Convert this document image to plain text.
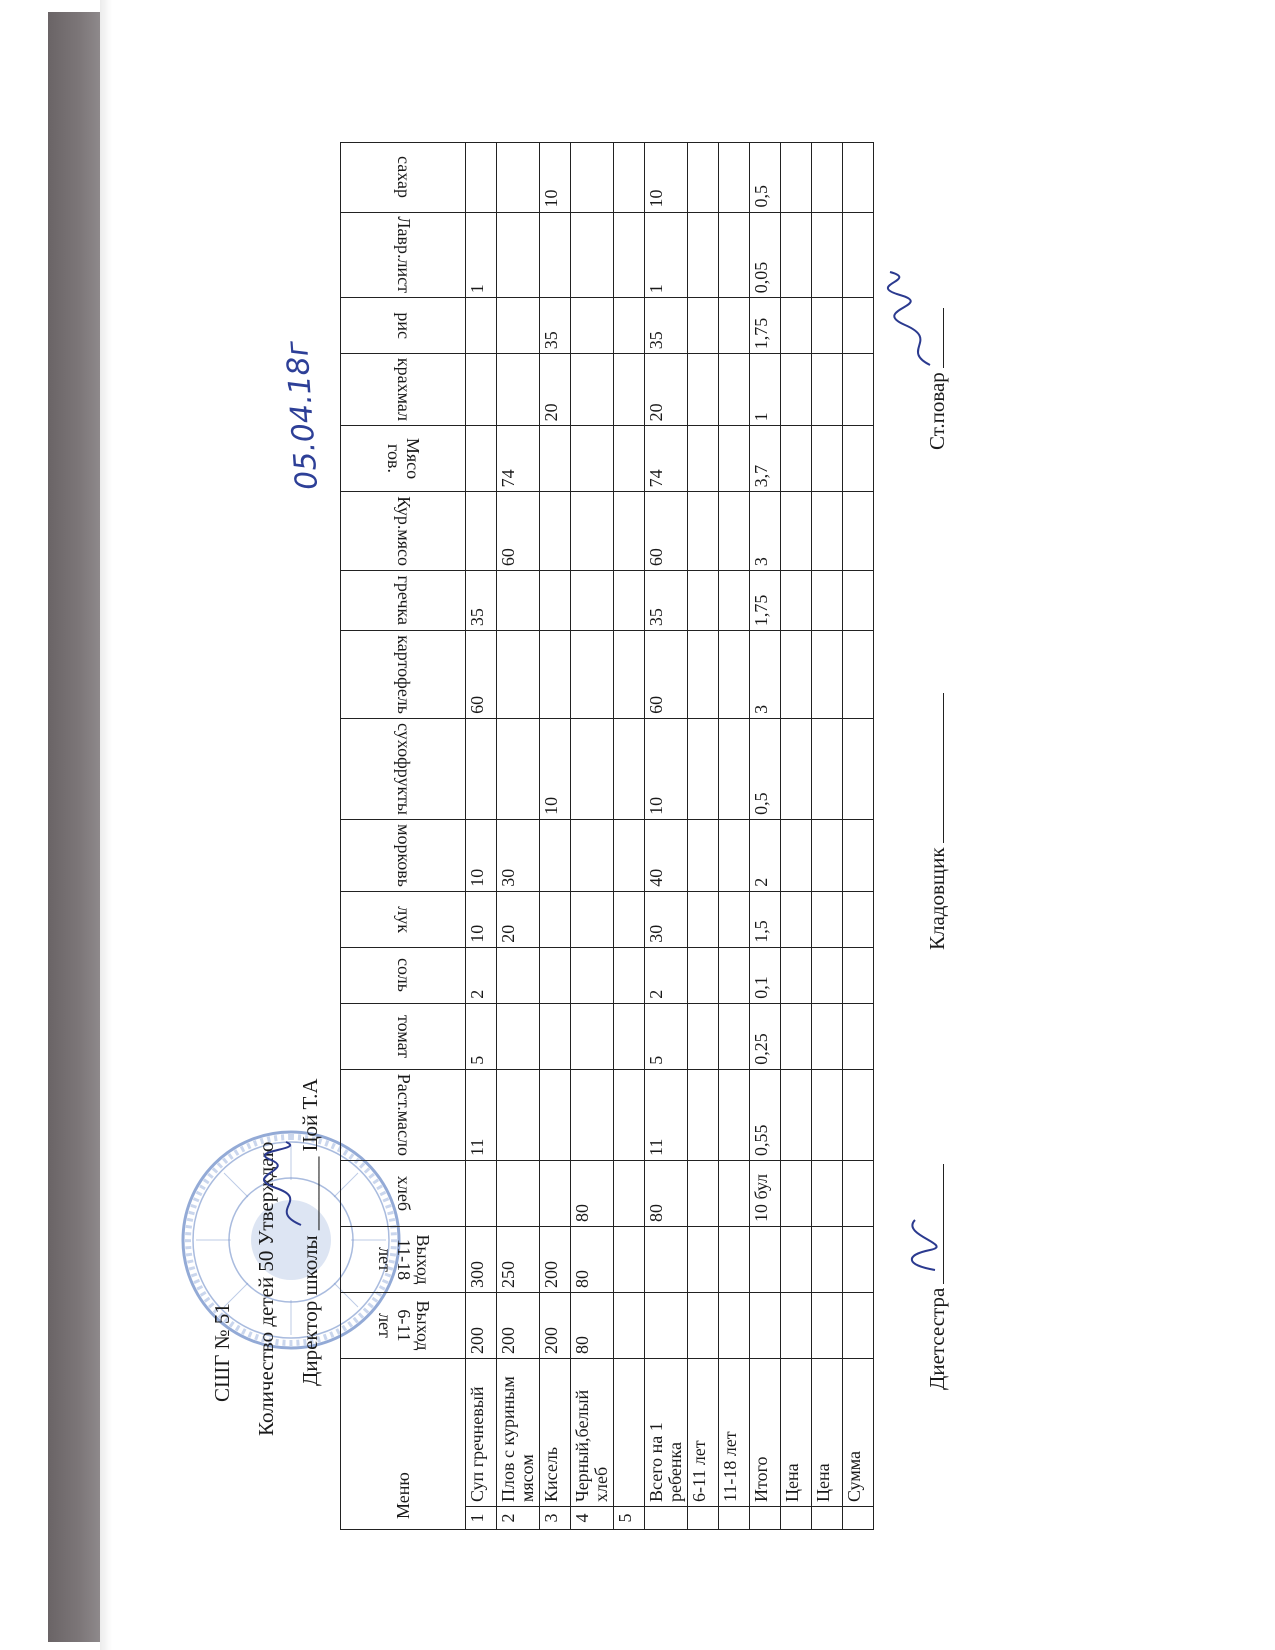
СШГ № 51 Количество детей 50 Утверждаю Директор школы _______ Цой Т.А
05.04.18г
Меню		Выход 6-11 лет	Выход 11-18 лет	хлеб	Раст.масло	томат	соль	лук	морковь	сухофрукты	картофель	гречка	Кур.мясо	Мясо гов.	крахмал	рис	Лавр.лист	сахар
1	Суп гречневый	200	300		11	5	2	10	10		60	35					1	
2	Плов с куриным мясом	200	250					20	30				60	74				
3	Кисель	200	200							10					20	35		10
4	Черный,белый хлеб	80	80	80														
5																		
	Всего на 1 ребенка			80	11	5	2	30	40	10	60	35	60	74	20	35	1	10
	6-11 лет																	
	11-18 лет																	
	Итого			10 бул	0,55	0,25	0,1	1,5	2	0,5	3	1,75	3	3,7	1	1,75	0,05	0,5
	Цена																	
	Цена																	
	Сумма																	
Диетсестра
Кладовщик
Ст.повар
